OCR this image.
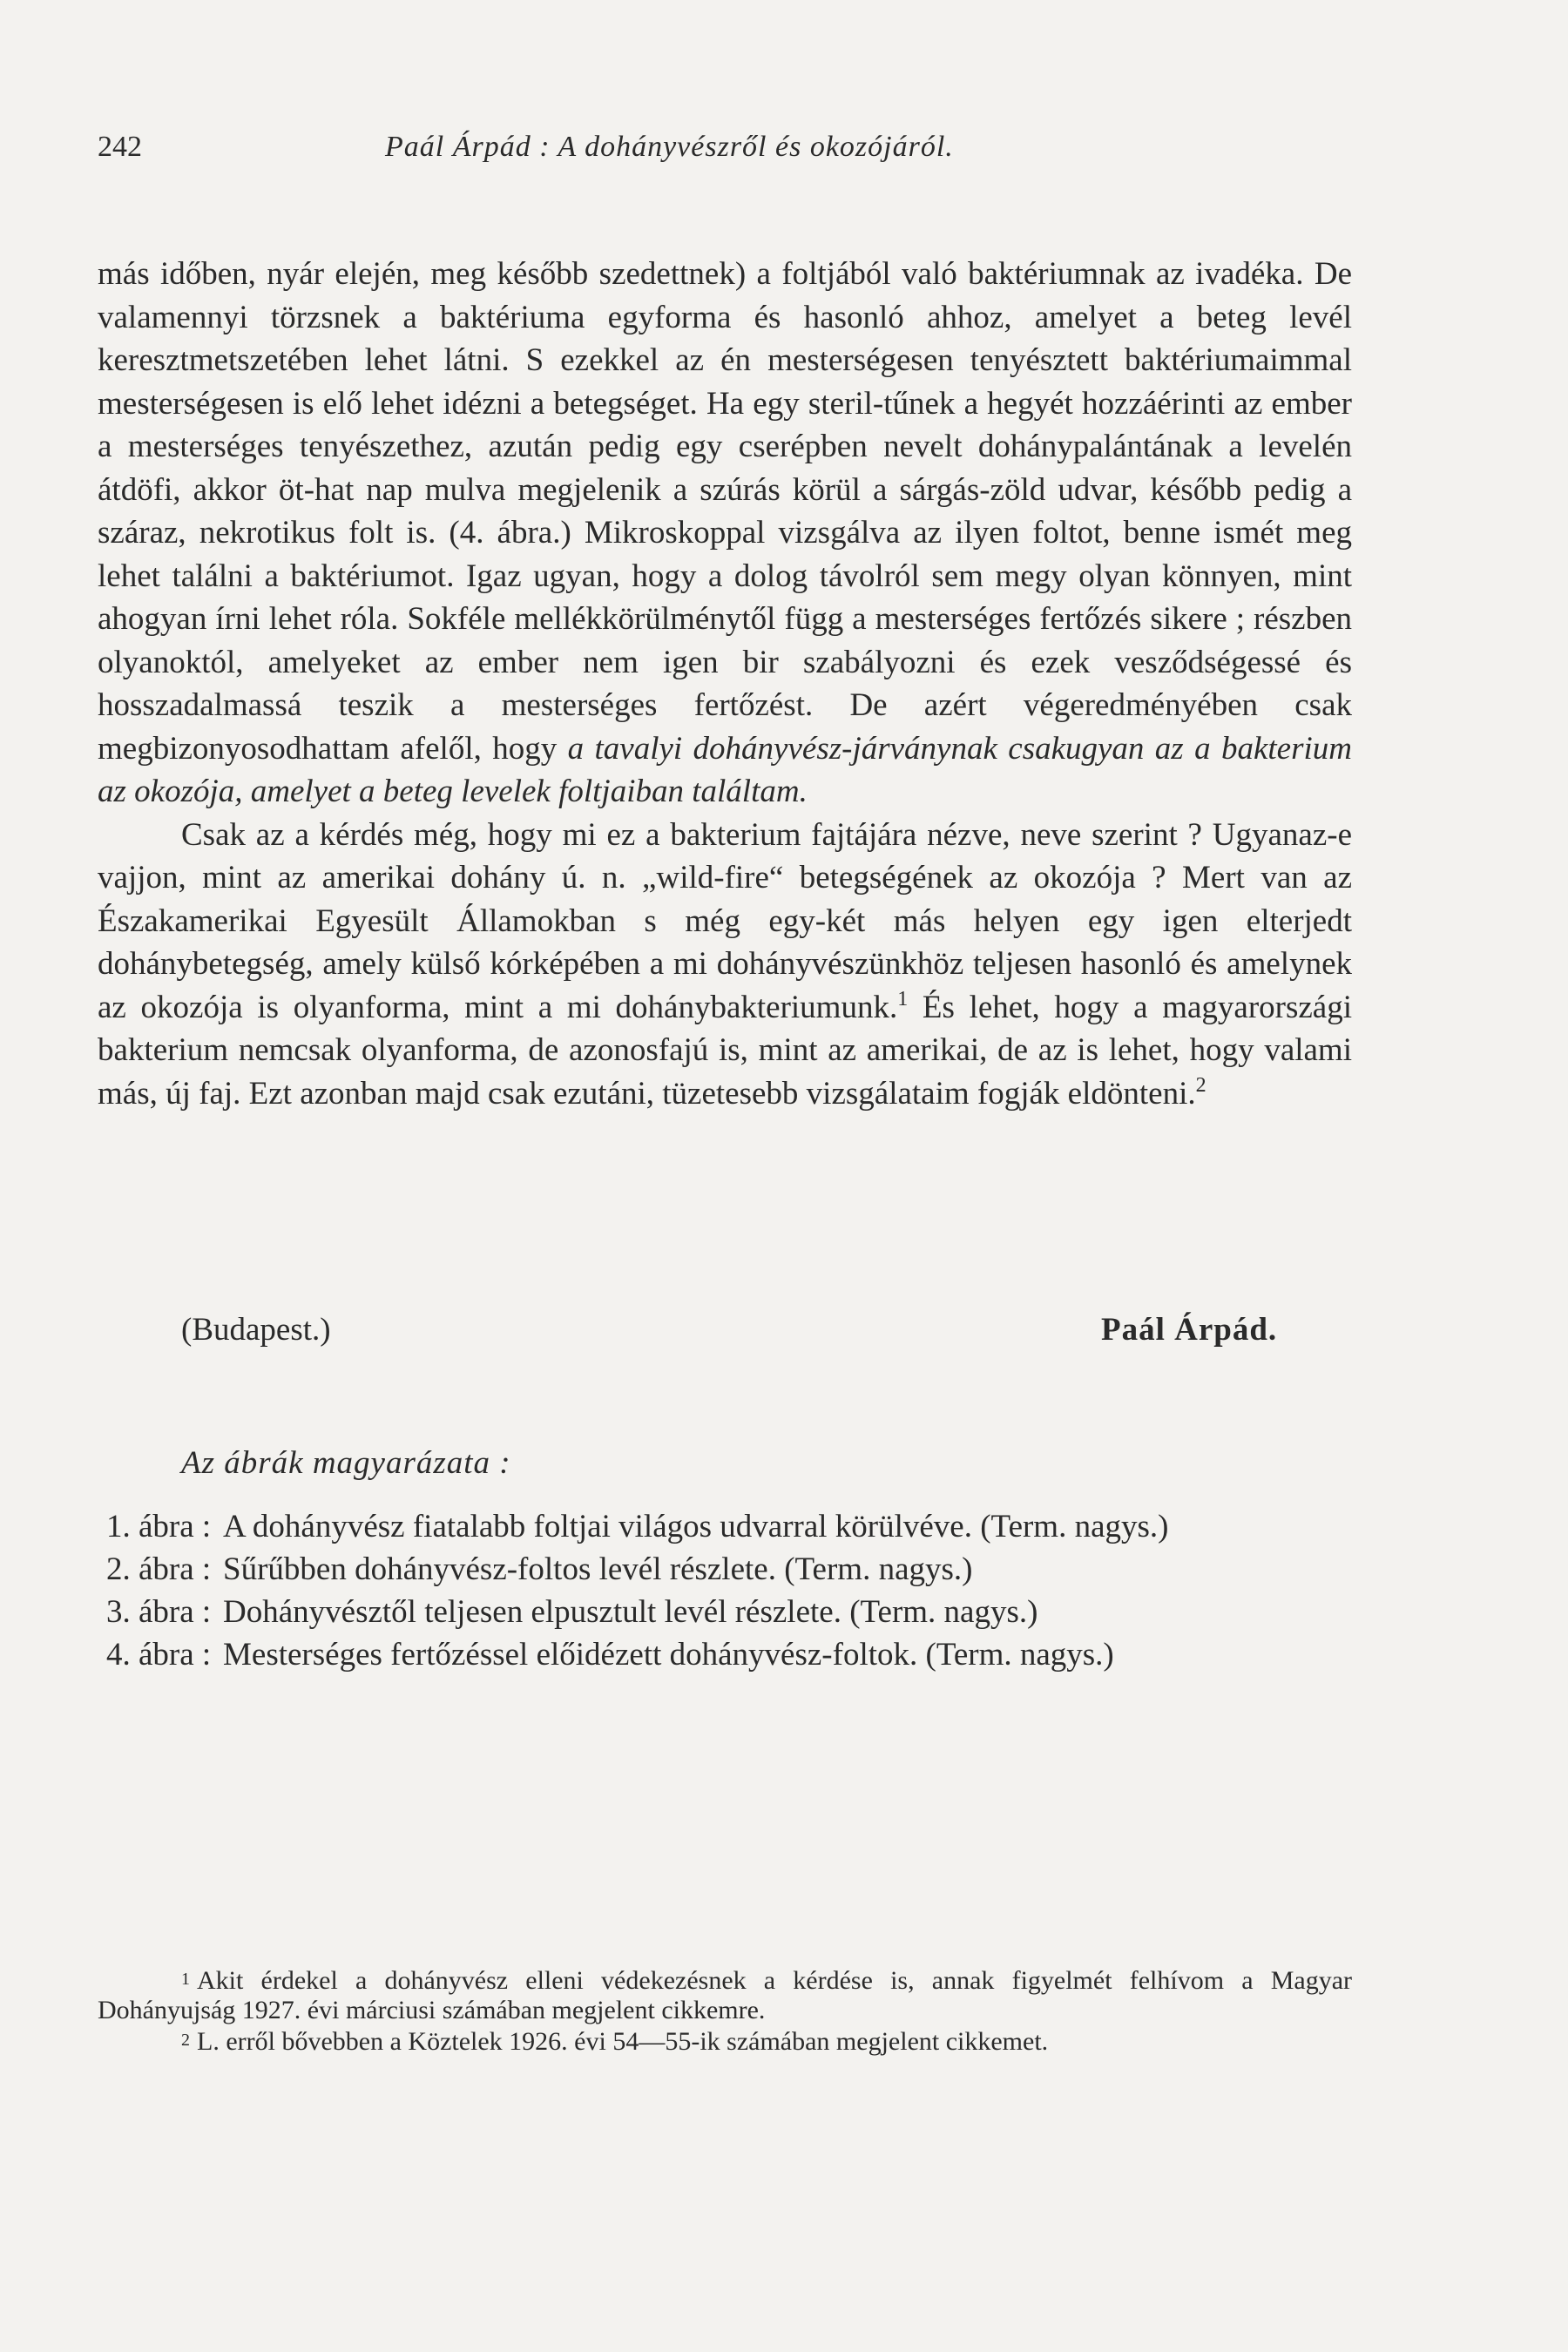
242	Paál Árpád : A dohányvészről és okozójáról.

más időben, nyár elején, meg később szedettnek) a foltjából való baktériumnak az ivadéka. De valamennyi törzsnek a baktériuma egyforma és hasonló ahhoz, amelyet a beteg levél keresztmetszetében lehet látni. S ezekkel az én mesterségesen tenyésztett baktériumaimmal mesterségesen is elő lehet idézni a betegséget. Ha egy steril-tűnek a hegyét hozzáérinti az ember a mesterséges tenyészethez, azután pedig egy cserépben nevelt dohánypalántának a levelén átdöfi, akkor öt-hat nap mulva megjelenik a szúrás körül a sárgás-zöld udvar, később pedig a száraz, nekrotikus folt is. (4. ábra.) Mikroskoppal vizsgálva az ilyen foltot, benne ismét meg lehet találni a baktériumot. Igaz ugyan, hogy a dolog távolról sem megy olyan könnyen, mint ahogyan írni lehet róla. Sokféle mellékkörülménytől függ a mesterséges fertőzés sikere ; részben olyanoktól, amelyeket az ember nem igen bir szabályozni és ezek vesződségessé és hosszadalmassá teszik a mesterséges fertőzést. De azért végeredményében csak megbizonyosodhattam afelől, hogy a tavalyi dohányvész-járványnak csakugyan az a bakterium az okozója, amelyet a beteg levelek foltjaiban találtam.

Csak az a kérdés még, hogy mi ez a bakterium fajtájára nézve, neve szerint ? Ugyanaz-e vajjon, mint az amerikai dohány ú. n. „wild-fire“ betegségének az okozója ? Mert van az Északamerikai Egyesült Államokban s még egy-két más helyen egy igen elterjedt dohánybetegség, amely külső kórképében a mi dohányvészünkhöz teljesen hasonló és amelynek az okozója is olyanforma, mint a mi dohánybakteriumunk.$^1$ És lehet, hogy a magyarországi bakterium nemcsak olyanforma, de azonosfajú is, mint az amerikai, de az is lehet, hogy valami más, új faj. Ezt azonban majd csak ezutáni, tüzetesebb vizsgálataim fogják eldönteni.$^2$

(Budapest.)	Paál Árpád.
Az ábrák magyarázata :
1. ábra : A dohányvész fiatalabb foltjai világos udvarral körülvéve. (Term. nagys.)
2. ábra : Sűrűbben dohányvész-foltos levél részlete. (Term. nagys.)
3. ábra : Dohányvésztől teljesen elpusztult levél részlete. (Term. nagys.)
4. ábra : Mesterséges fertőzéssel előidézett dohányvész-foltok. (Term. nagys.)

1 Akit érdekel a dohányvész elleni védekezésnek a kérdése is, annak figyelmét felhívom a Magyar Dohányujság 1927. évi márciusi számában megjelent cikkemre.

2 L. erről bővebben a Köztelek 1926. évi 54—55-ik számában megjelent cikkemet.
